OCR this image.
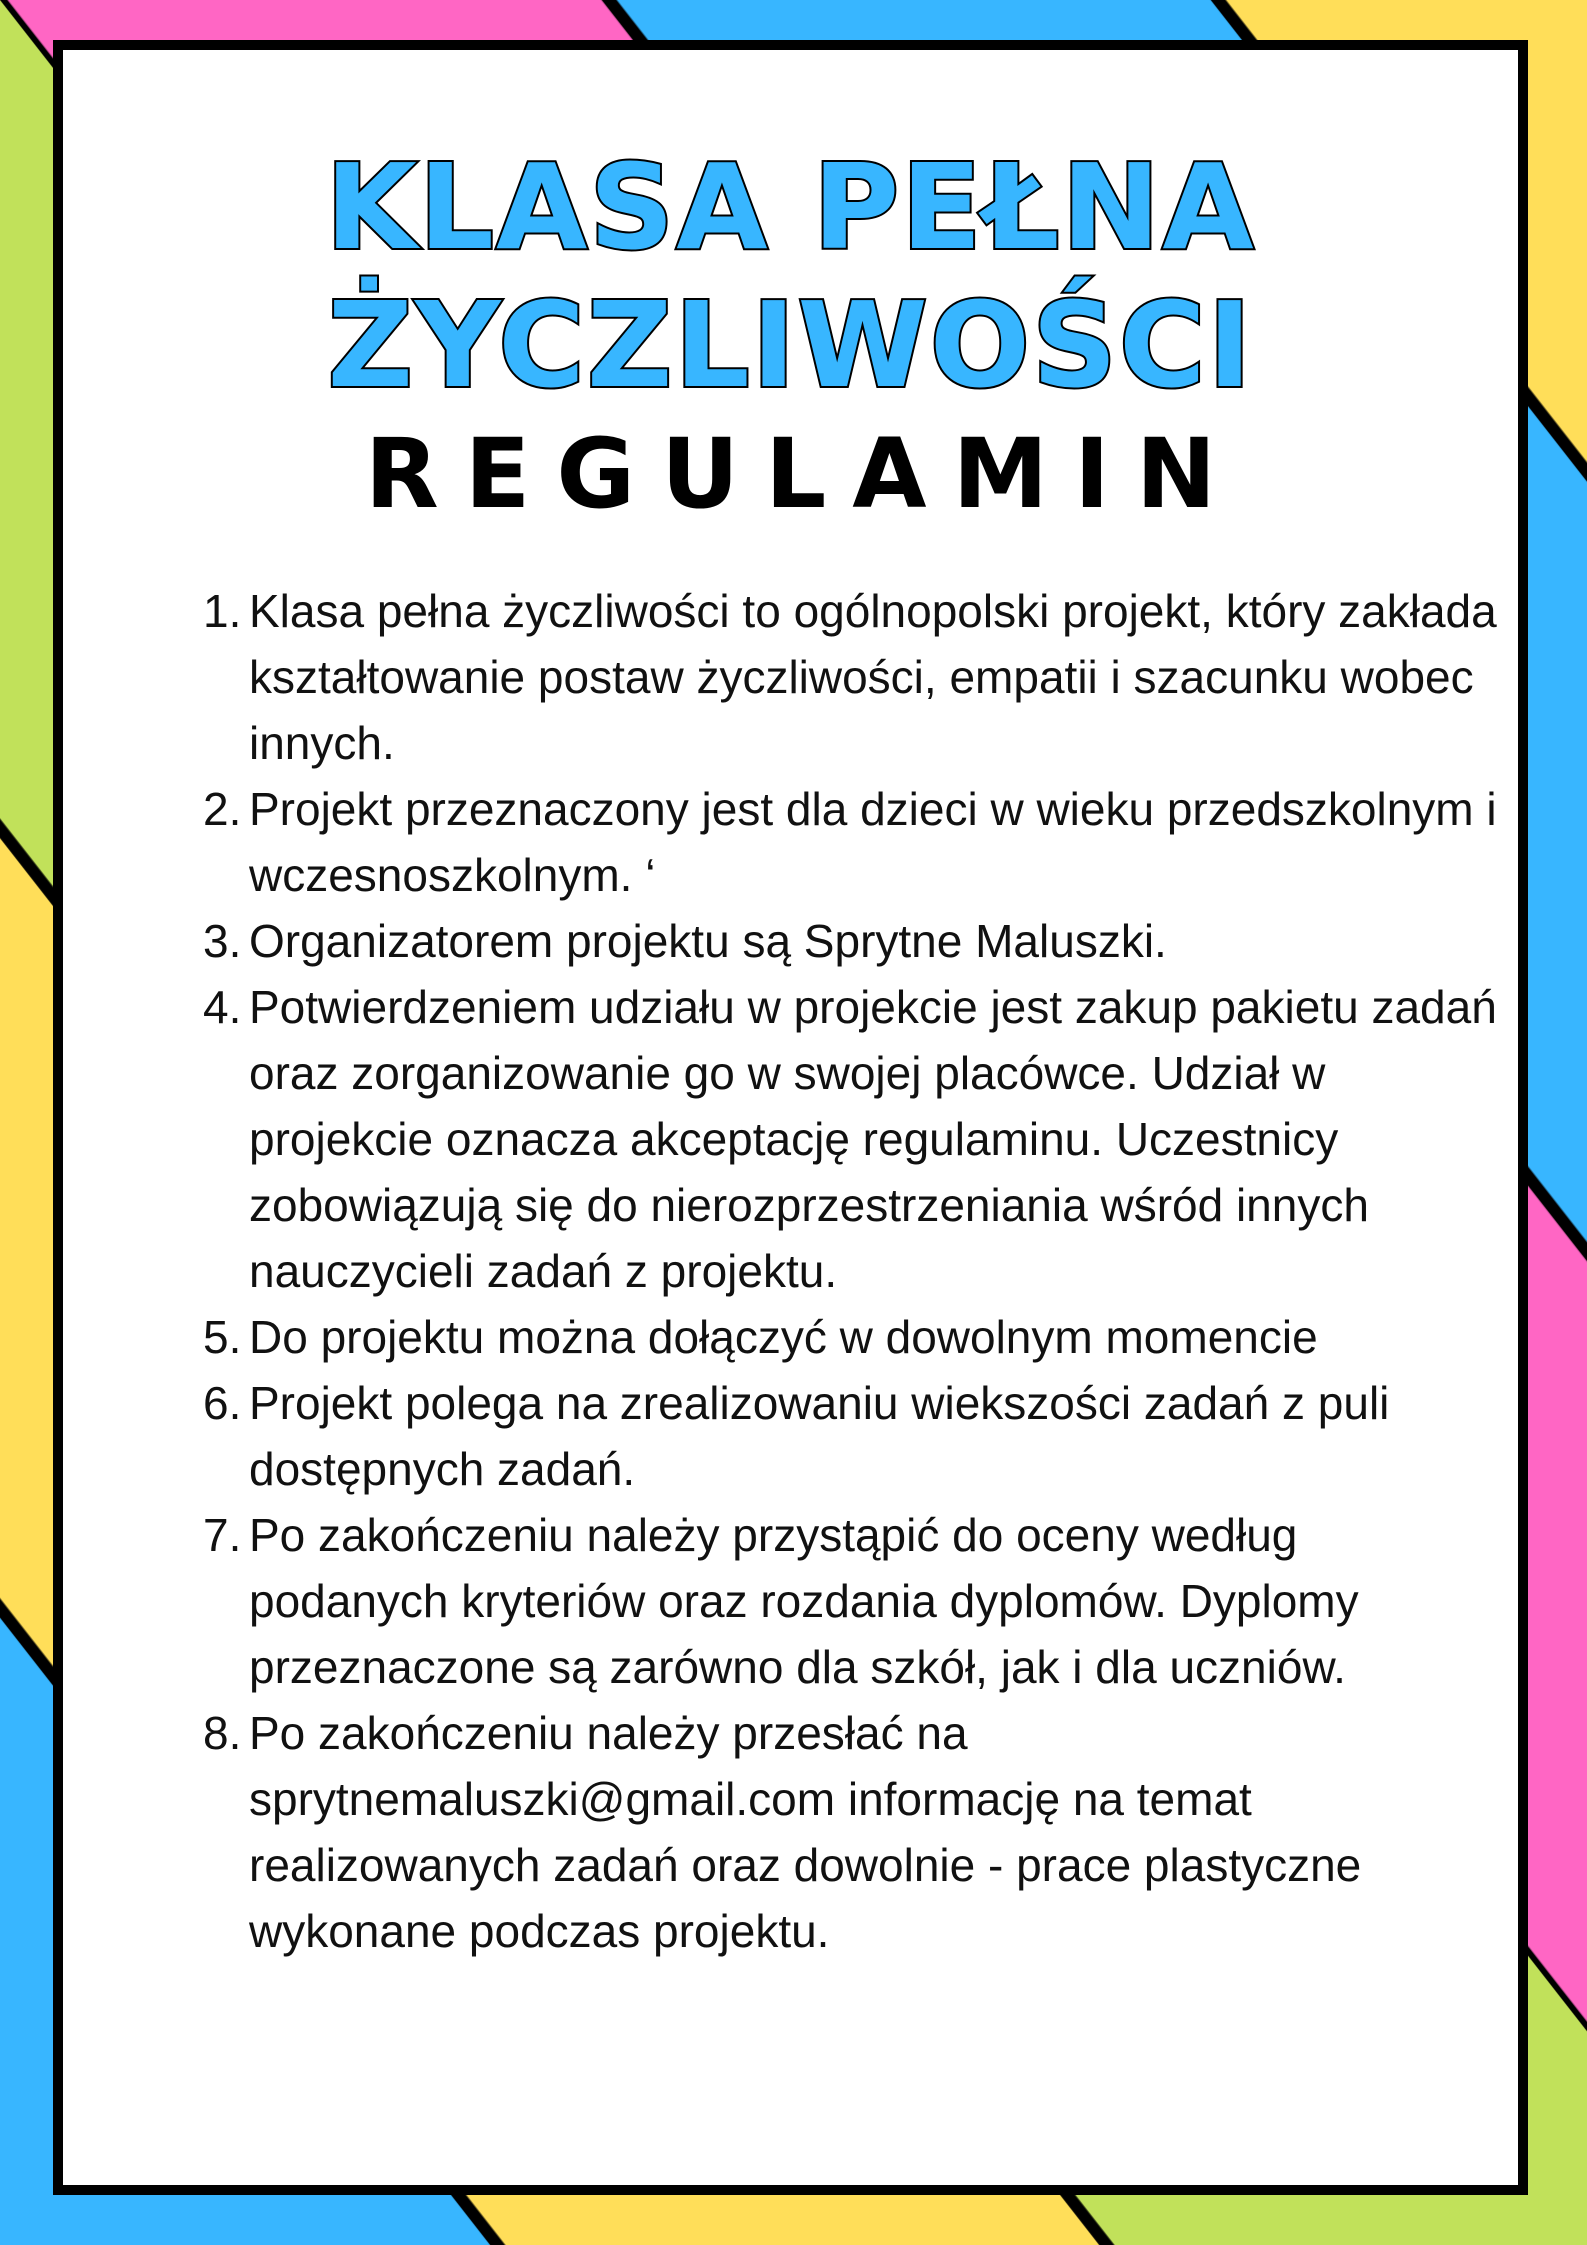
KLASA PEŁNA
ŻYCZLIWOŚCI
REGULAMIN
1. Klasa pełna życzliwości to ogólnopolski projekt, który zakłada kształtowanie postaw życzliwości, empatii i szacunku wobec innych.
2. Projekt przeznaczony jest dla dzieci w wieku przedszkolnym i wczesnoszkolnym. ‘
3. Organizatorem projektu są Sprytne Maluszki.
4. Potwierdzeniem udziału w projekcie jest zakup pakietu zadań oraz zorganizowanie go w swojej placówce. Udział w projekcie oznacza akceptację regulaminu. Uczestnicy zobowiązują się do nierozprzestrzeniania wśród innych nauczycieli zadań z projektu.
5. Do projektu można dołączyć w dowolnym momencie
6. Projekt polega na zrealizowaniu wiekszości zadań z puli dostępnych zadań.
7. Po zakończeniu należy przystąpić do oceny według podanych kryteriów oraz rozdania dyplomów. Dyplomy przeznaczone są zarówno dla szkół, jak i dla uczniów.
8. Po zakończeniu należy przesłać na sprytnemaluszki@gmail.com informację na temat realizowanych zadań oraz dowolnie - prace plastyczne wykonane podczas projektu.
